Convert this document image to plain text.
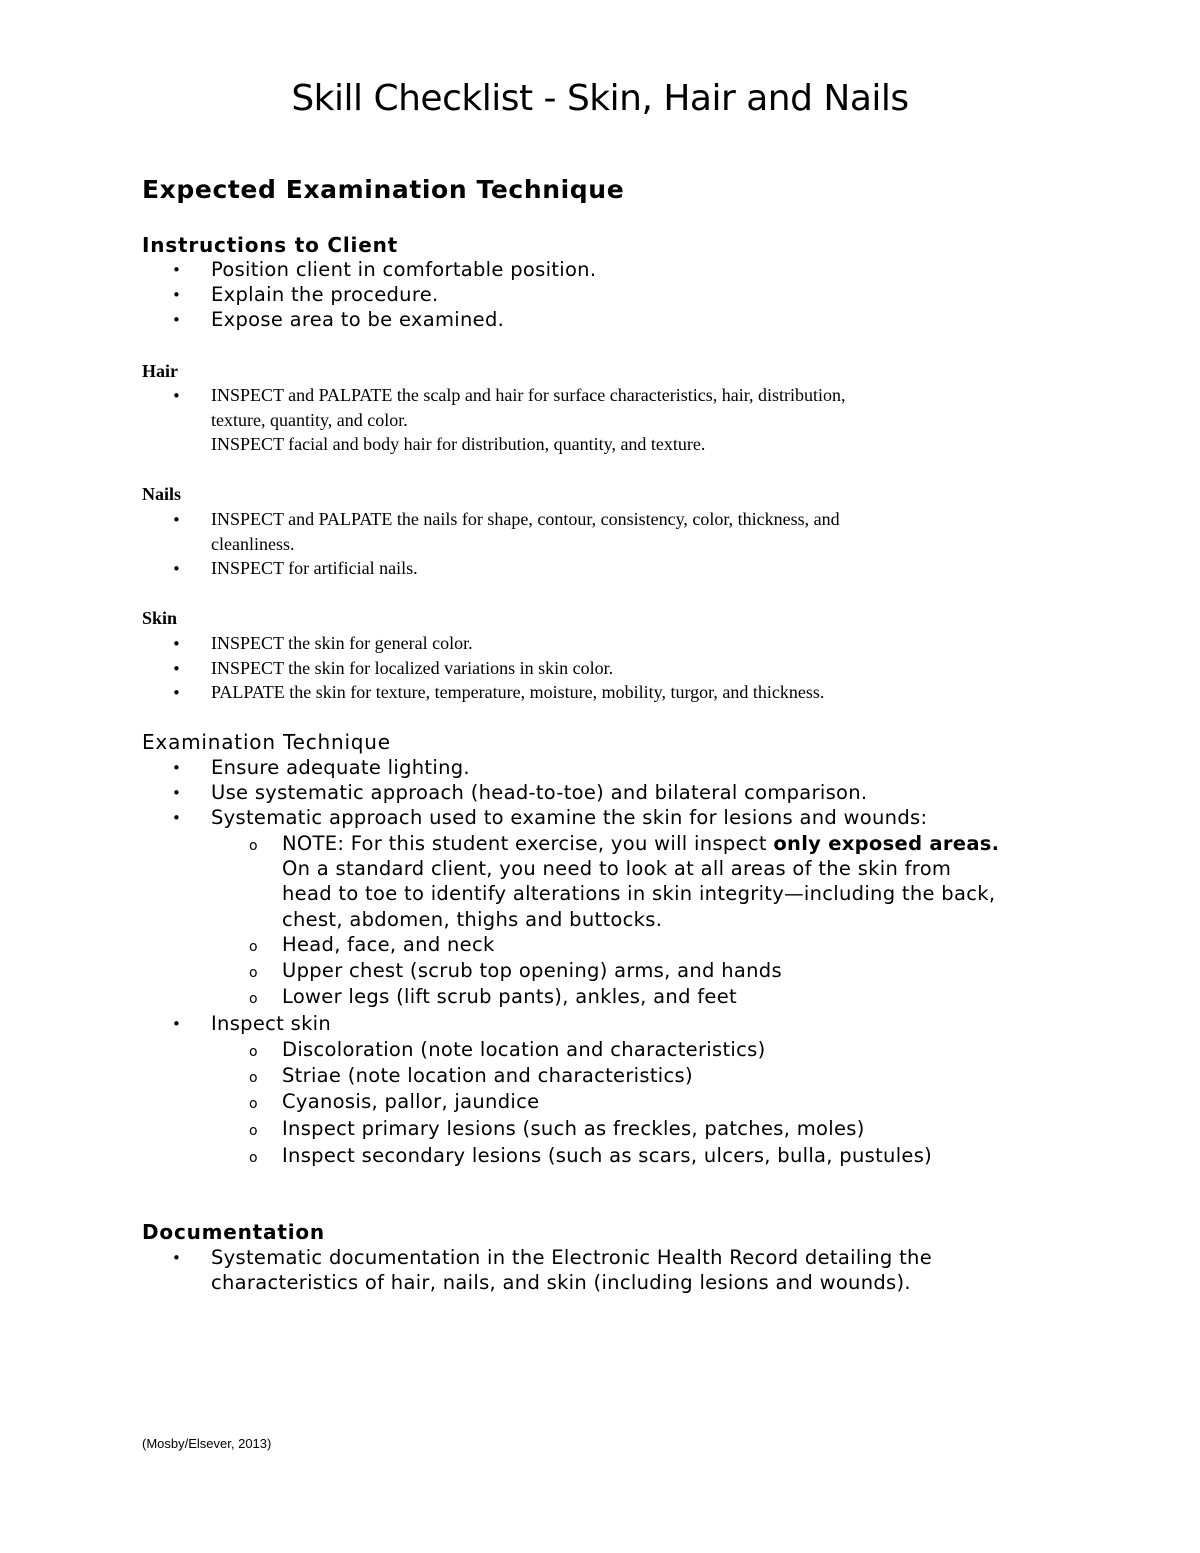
Skill Checklist - Skin, Hair and Nails
Expected Examination Technique
Instructions to Client
• Position client in comfortable position.
• Explain the procedure.
• Expose area to be examined.
Hair
• INSPECT and PALPATE the scalp and hair for surface characteristics, hair, distribution,
texture, quantity, and color.
INSPECT facial and body hair for distribution, quantity, and texture.
Nails
• INSPECT and PALPATE the nails for shape, contour, consistency, color, thickness, and
cleanliness.
• INSPECT for artificial nails.
Skin
• INSPECT the skin for general color.
• INSPECT the skin for localized variations in skin color.
• PALPATE the skin for texture, temperature, moisture, mobility, turgor, and thickness.
Examination Technique
• Ensure adequate lighting.
• Use systematic approach (head-to-toe) and bilateral comparison.
• Systematic approach used to examine the skin for lesions and wounds:
o NOTE: For this student exercise, you will inspect only exposed areas.
On a standard client, you need to look at all areas of the skin from
head to toe to identify alterations in skin integrity—including the back,
chest, abdomen, thighs and buttocks.
o Head, face, and neck
o Upper chest (scrub top opening) arms, and hands
o Lower legs (lift scrub pants), ankles, and feet
• Inspect skin
o Discoloration (note location and characteristics)
o Striae (note location and characteristics)
o Cyanosis, pallor, jaundice
o Inspect primary lesions (such as freckles, patches, moles)
o Inspect secondary lesions (such as scars, ulcers, bulla, pustules)
Documentation
• Systematic documentation in the Electronic Health Record detailing the
characteristics of hair, nails, and skin (including lesions and wounds).
(Mosby/Elsever, 2013)
